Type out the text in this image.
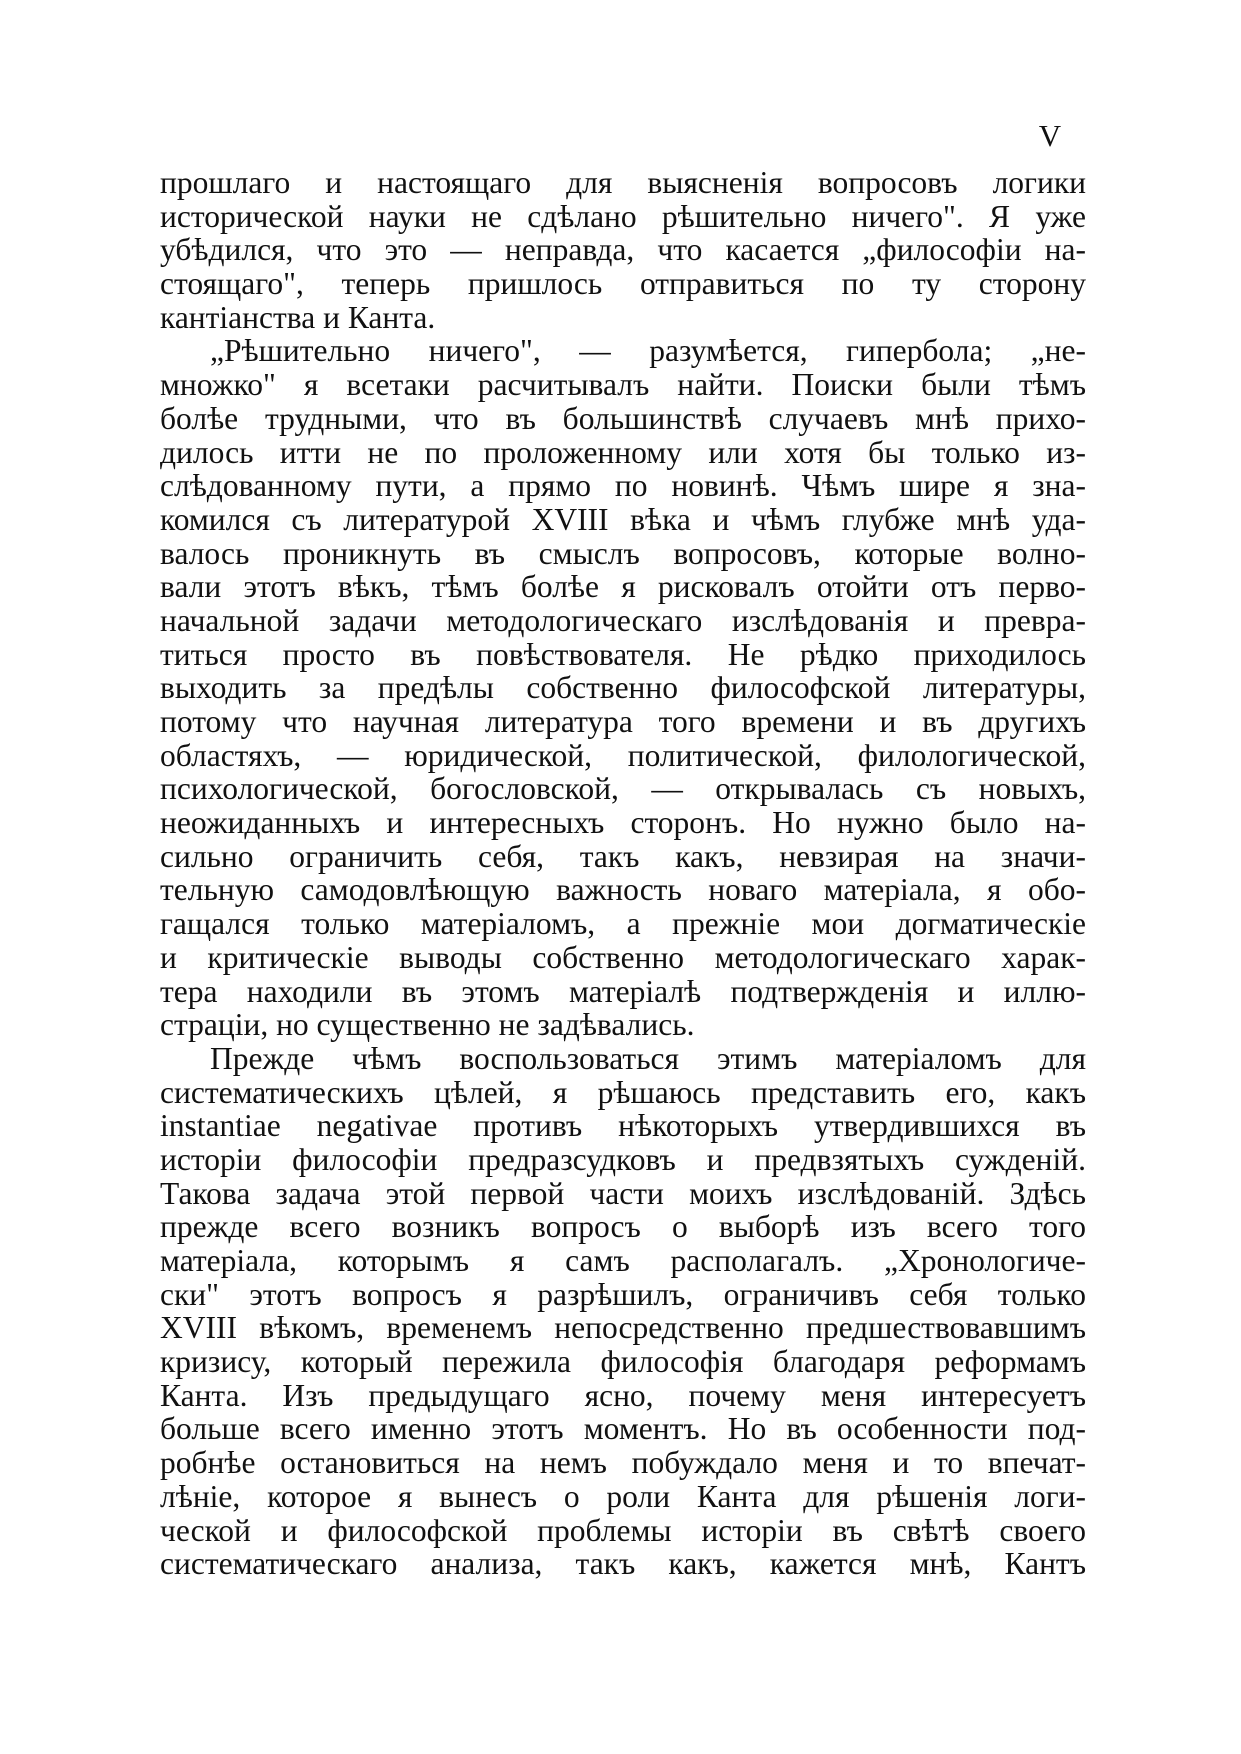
V
прошлаго и настоящаго для выясненія вопросовъ логики
исторической науки не сдѣлано рѣшительно ничего". Я уже
убѣдился, что это — неправда, что касается „философіи на-
стоящаго", теперь пришлось отправиться по ту сторону
кантіанства и Канта.
„Рѣшительно ничего", — разумѣется, гипербола; „не-
множко" я всетаки расчитывалъ найти. Поиски были тѣмъ
болѣе трудными, что въ большинствѣ случаевъ мнѣ прихо-
дилось итти не по проложенному или хотя бы только из-
слѣдованному пути, а прямо по новинѣ. Чѣмъ шире я зна-
комился съ литературой XVIII вѣка и чѣмъ глубже мнѣ уда-
валось проникнуть въ смыслъ вопросовъ, которые волно-
вали этотъ вѣкъ, тѣмъ болѣе я рисковалъ отойти отъ перво-
начальной задачи методологическаго изслѣдованія и превра-
титься просто въ повѣствователя. Не рѣдко приходилось
выходить за предѣлы собственно философской литературы,
потому что научная литература того времени и въ другихъ
областяхъ, — юридической, политической, филологической,
психологической, богословской, — открывалась съ новыхъ,
неожиданныхъ и интересныхъ сторонъ. Но нужно было на-
сильно ограничить себя, такъ какъ, невзирая на значи-
тельную самодовлѣющую важность новаго матеріала, я обо-
гащался только матеріаломъ, а прежніе мои догматическіе
и критическіе выводы собственно методологическаго харак-
тера находили въ этомъ матеріалѣ подтвержденія и иллю-
страціи, но существенно не задѣвались.
Прежде чѣмъ воспользоваться этимъ матеріаломъ для
систематическихъ цѣлей, я рѣшаюсь представить его, какъ
instantiae negativae противъ нѣкоторыхъ утвердившихся въ
исторіи философіи предразсудковъ и предвзятыхъ сужденій.
Такова задача этой первой части моихъ изслѣдованій. Здѣсь
прежде всего возникъ вопросъ о выборѣ изъ всего того
матеріала, которымъ я самъ располагалъ. „Хронологиче-
ски" этотъ вопросъ я разрѣшилъ, ограничивъ себя только
XVIII вѣкомъ, временемъ непосредственно предшествовавшимъ
кризису, который пережила философія благодаря реформамъ
Канта. Изъ предыдущаго ясно, почему меня интересуетъ
больше всего именно этотъ моментъ. Но въ особенности под-
робнѣе остановиться на немъ побуждало меня и то впечат-
лѣніе, которое я вынесъ о роли Канта для рѣшенія логи-
ческой и философской проблемы исторіи въ свѣтѣ своего
систематическаго анализа, такъ какъ, кажется мнѣ, Кантъ
